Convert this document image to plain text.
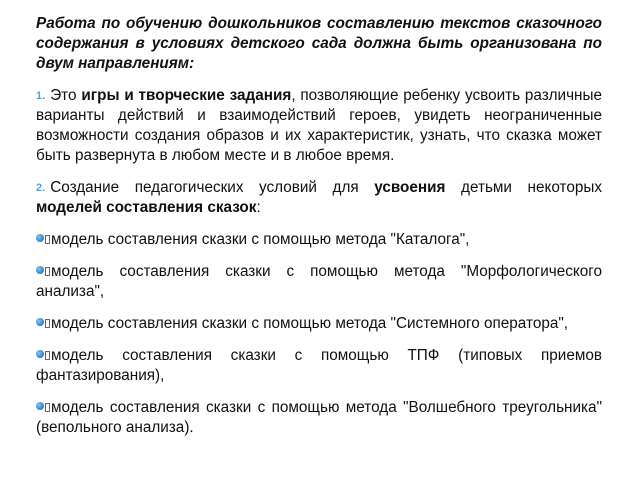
Работа по обучению дошкольников составлению текстов сказочного содержания в условиях детского сада должна быть организована по двум направлениям:

1. Это игры и творческие задания, позволяющие ребенку усвоить различные варианты действий и взаимодействий героев, увидеть неограниченные возможности создания образов и их характеристик, узнать, что сказка может быть развернута в любом месте и в любое время.

2. Создание педагогических условий для усвоения детьми некоторых моделей составления сказок:

модель составления сказки с помощью метода "Каталога",

модель составления сказки с помощью метода "Морфологического анализа",

модель составления сказки с помощью метода "Системного оператора",

модель составления сказки с помощью ТПФ (типовых приемов фантазирования),

модель составления сказки с помощью метода "Волшебного треугольника" (вепольного анализа).
